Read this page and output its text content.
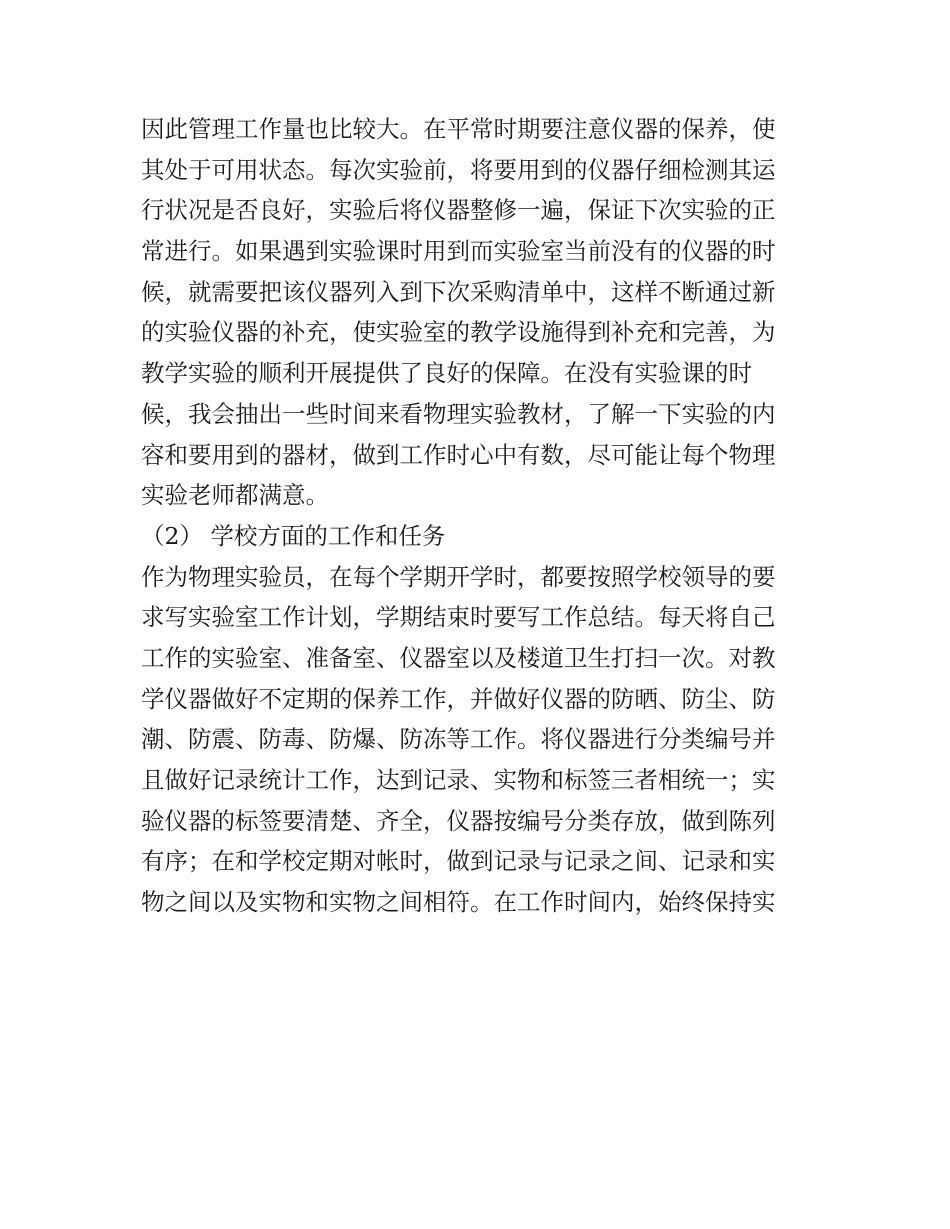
因此管理工作量也比较大。在平常时期要注意仪器的保养，使
其处于可用状态。每次实验前，将要用到的仪器仔细检测其运
行状况是否良好，实验后将仪器整修一遍，保证下次实验的正
常进行。如果遇到实验课时用到而实验室当前没有的仪器的时
候，就需要把该仪器列入到下次采购清单中，这样不断通过新
的实验仪器的补充，使实验室的教学设施得到补充和完善，为
教学实验的顺利开展提供了良好的保障。在没有实验课的时
候，我会抽出一些时间来看物理实验教材，了解一下实验的内
容和要用到的器材，做到工作时心中有数，尽可能让每个物理
实验老师都满意。
（2） 学校方面的工作和任务
作为物理实验员，在每个学期开学时，都要按照学校领导的要
求写实验室工作计划，学期结束时要写工作总结。每天将自己
工作的实验室、准备室、仪器室以及楼道卫生打扫一次。对教
学仪器做好不定期的保养工作，并做好仪器的防晒、防尘、防
潮、防震、防毒、防爆、防冻等工作。将仪器进行分类编号并
且做好记录统计工作，达到记录、实物和标签三者相统一；实
验仪器的标签要清楚、齐全，仪器按编号分类存放，做到陈列
有序；在和学校定期对帐时，做到记录与记录之间、记录和实
物之间以及实物和实物之间相符。在工作时间内，始终保持实
